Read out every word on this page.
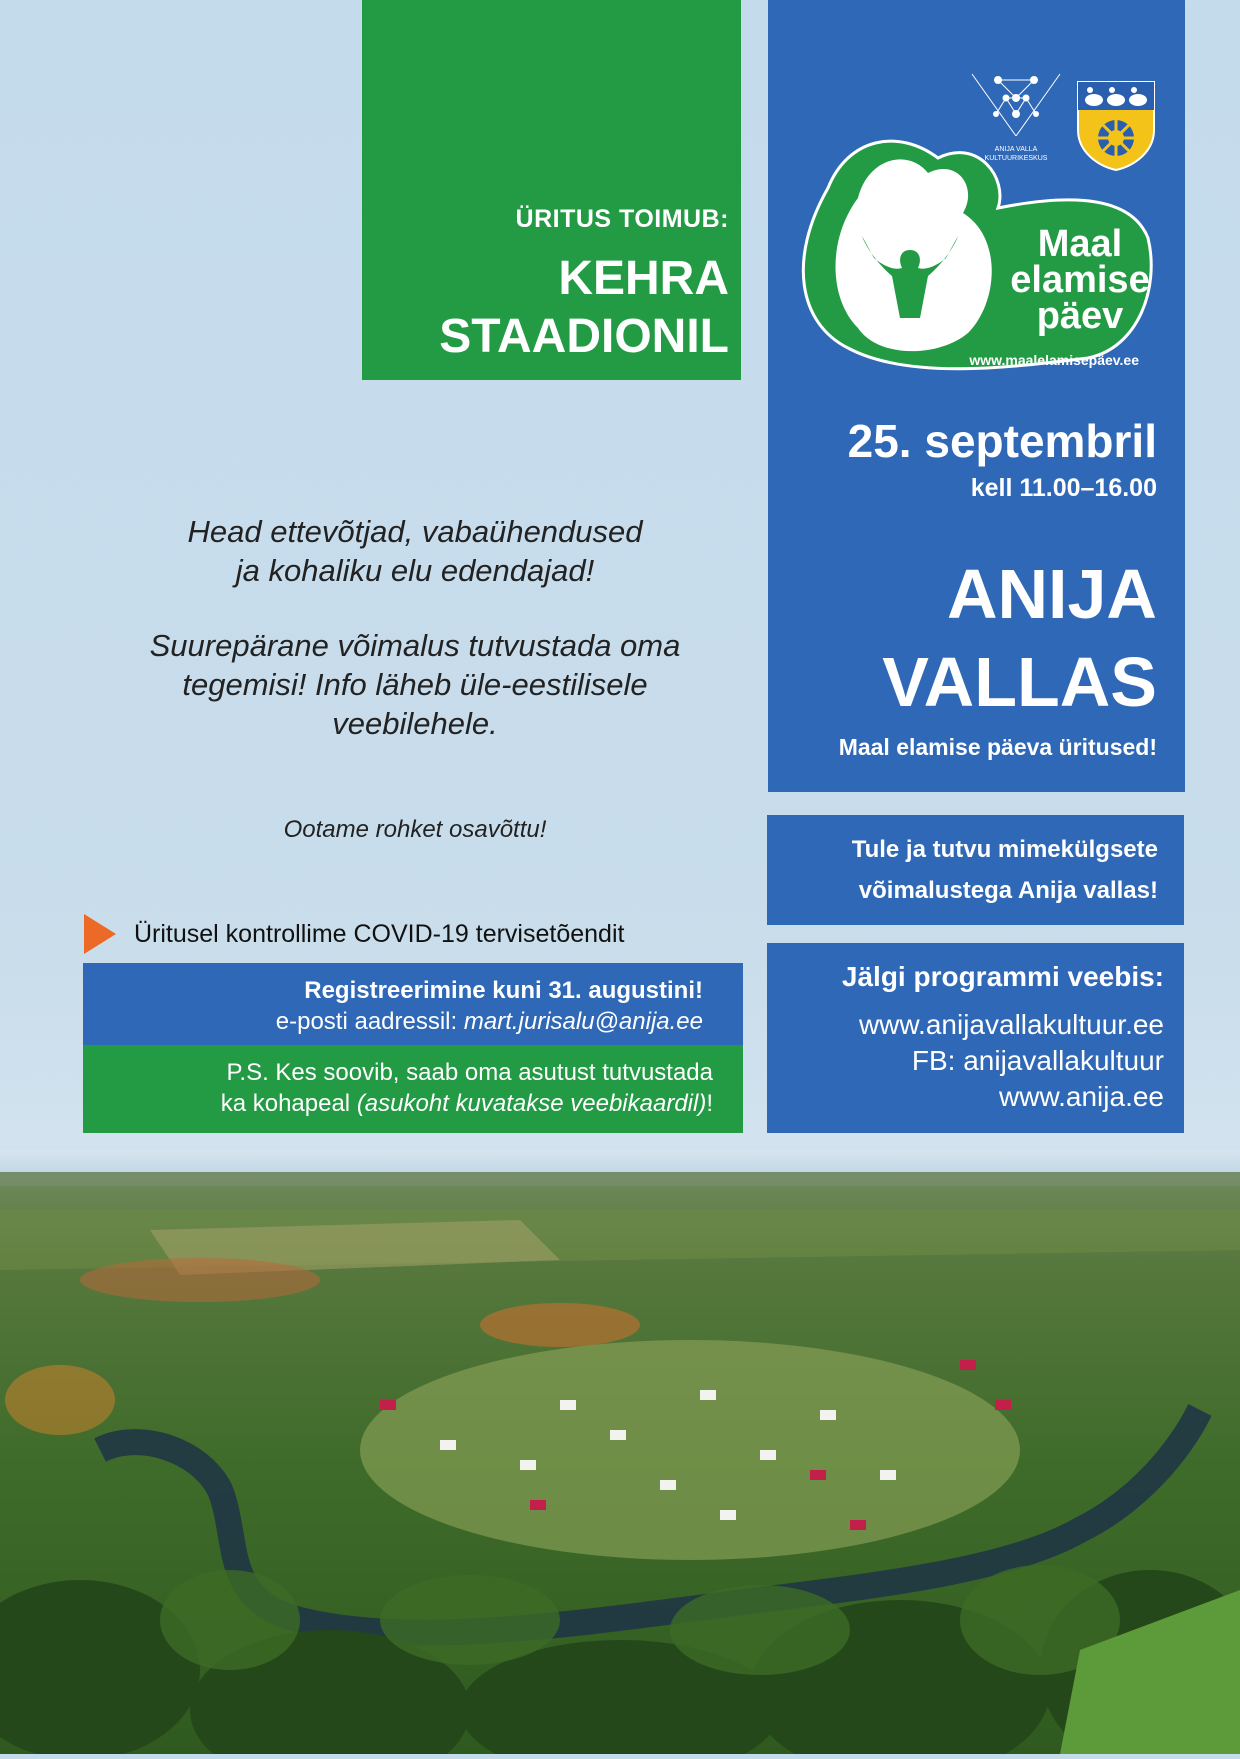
ÜRITUS TOIMUB:
KEHRA
STAADIONIL
ANIJA VALLA
KULTUURIKESKUS
Maal
elamise
päev
www.maalelamisepäev.ee
25. septembril
kell 11.00–16.00
ANIJA
VALLAS
Maal elamise päeva üritused!

Head ettevõtjad, vabaühendused

ja kohaliku elu edendajad!

Suurepärane võimalus tutvustada oma

tegemisi! Info läheb üle-eestilisele

veebilehele.

Ootame rohket osavõttu!
Üritusel kontrollime COVID-19 tervisetõendit
Registreerimine kuni 31. augustini!
e-posti aadressil: mart.jurisalu@anija.ee
P.S. Kes soovib, saab oma asutust tutvustada
ka kohapeal (asukoht kuvatakse veebikaardil)!
Tule ja tutvu mimekülgsete
võimalustega Anija vallas!
Jälgi programmi veebis:
www.anijavallakultuur.ee
FB: anijavallakultuur
www.anija.ee
